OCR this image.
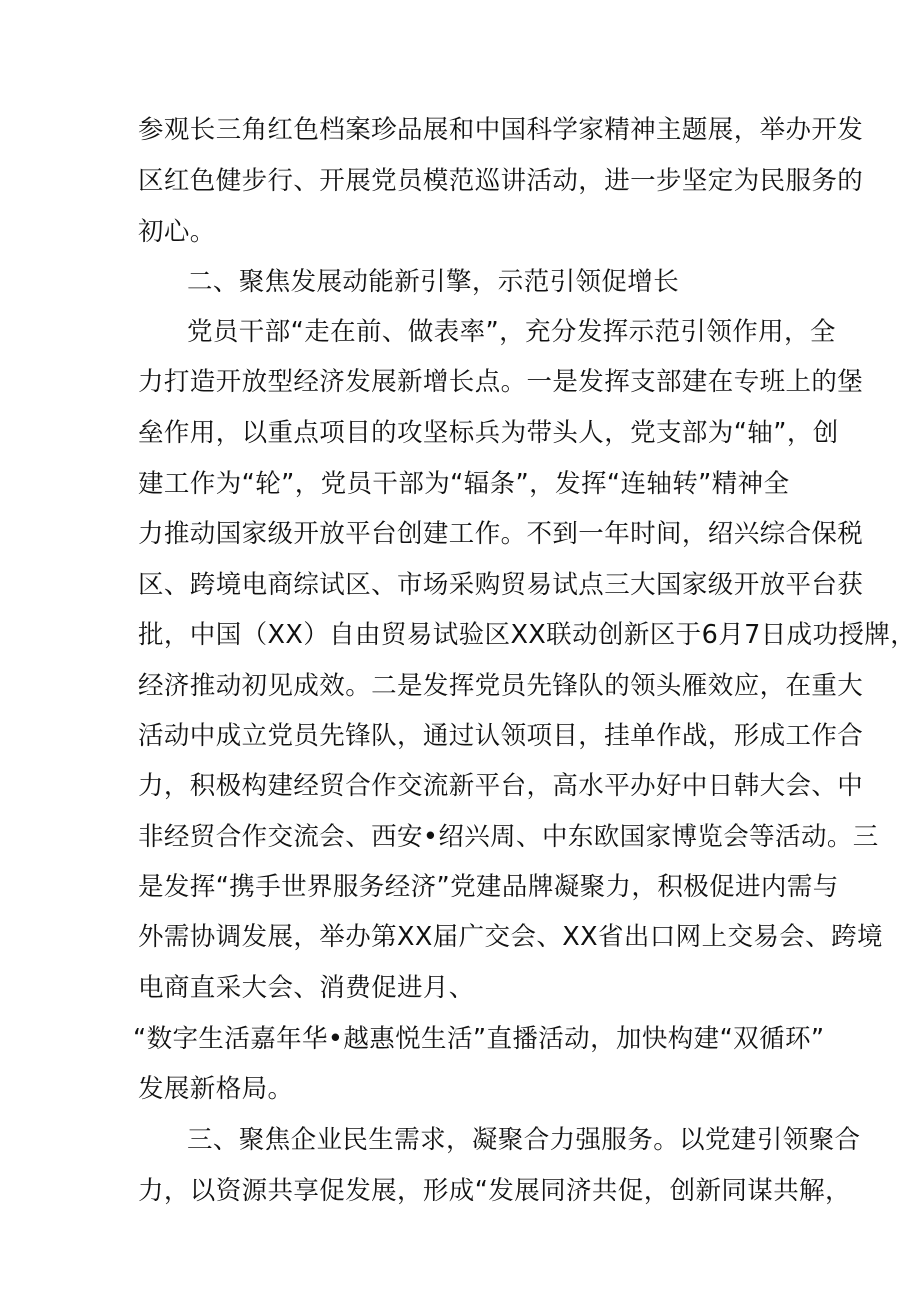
参观长三角红色档案珍品展和中国科学家精神主题展，举办开发
区红色健步行、开展党员模范巡讲活动，进一步坚定为民服务的
初心。
二、聚焦发展动能新引擎，示范引领促增长
党员干部“走在前、做表率”，充分发挥示范引领作用，全
力打造开放型经济发展新增长点。一是发挥支部建在专班上的堡
垒作用，以重点项目的攻坚标兵为带头人，党支部为“轴”，创
建工作为“轮”，党员干部为“辐条”，发挥“连轴转”精神全
力推动国家级开放平台创建工作。不到一年时间，绍兴综合保税
区、跨境电商综试区、市场采购贸易试点三大国家级开放平台获
批，中国（XX）自由贸易试验区XX联动创新区于6月7日成功授牌，
经济推动初见成效。二是发挥党员先锋队的领头雁效应，在重大
活动中成立党员先锋队，通过认领项目，挂单作战，形成工作合
力，积极构建经贸合作交流新平台，高水平办好中日韩大会、中
非经贸合作交流会、西安•绍兴周、中东欧国家博览会等活动。三
是发挥“携手世界服务经济”党建品牌凝聚力，积极促进内需与
外需协调发展，举办第XX届广交会、XX省出口网上交易会、跨境
电商直采大会、消费促进月、
“数字生活嘉年华•越惠悦生活”直播活动，加快构建“双循环”
发展新格局。
三、聚焦企业民生需求，凝聚合力强服务。以党建引领聚合
力，以资源共享促发展，形成“发展同济共促，创新同谋共解，
